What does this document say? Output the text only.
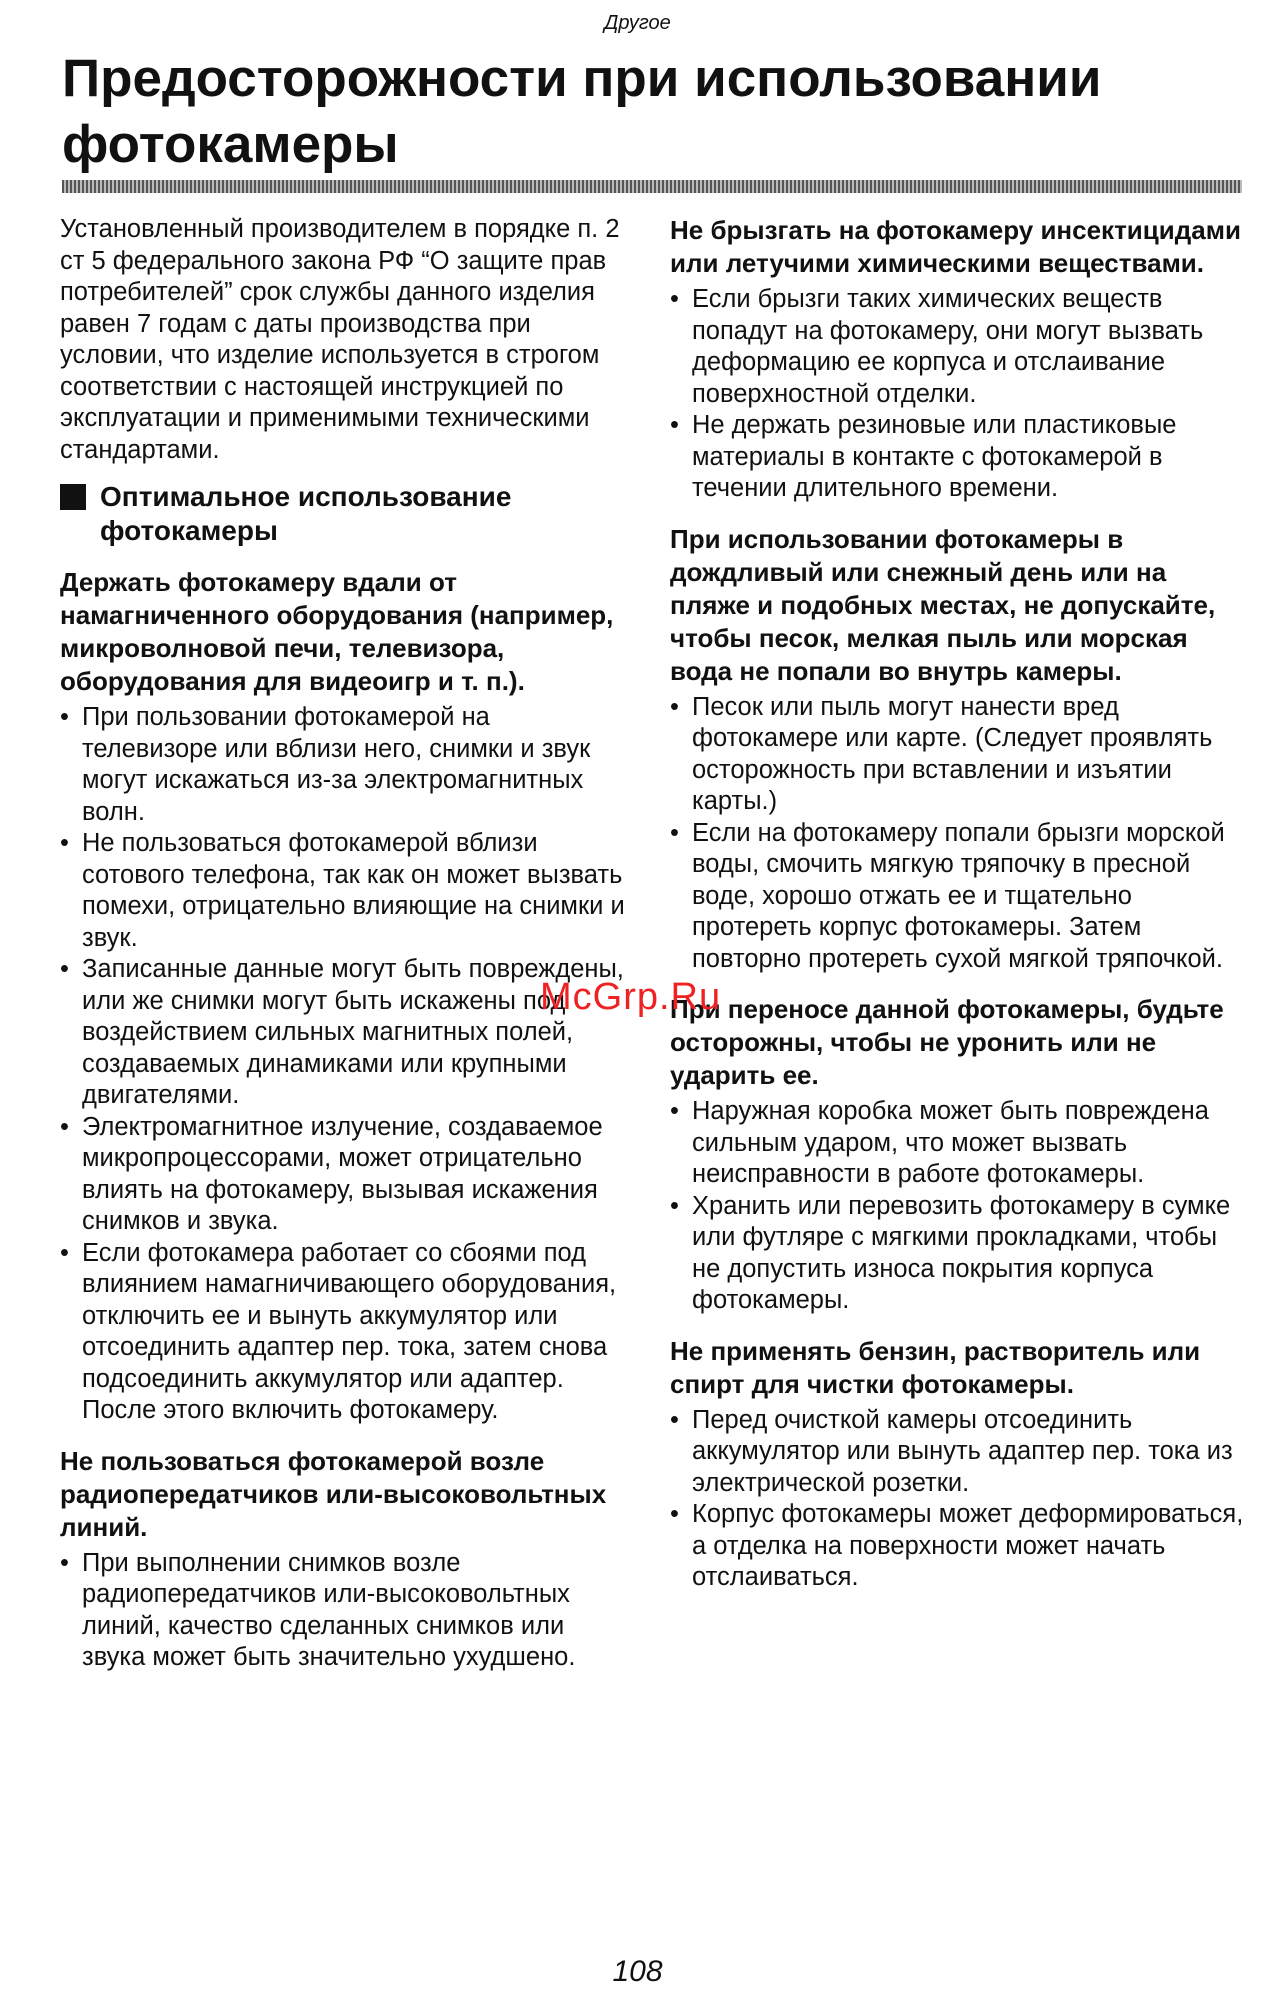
Другое
Предосторожности при использовании
фотокамеры

Установленный производителем в порядке п. 2 ст 5 федерального закона РФ “О защите прав потребителей” срок службы данного изделия равен 7 годам с даты производства при условии, что изделие используется в строгом соответствии с настоящей инструкцией по эксплуатации и применимыми техническими стандартами.

Оптимальное использование фотокамеры

Держать фотокамеру вдали от намагниченного оборудования (например, микроволновой печи, телевизора, оборудования для видеоигр и т. п.).

• При пользовании фотокамерой на телевизоре или вблизи него, снимки и звук могут искажаться из-за электромагнитных волн.
• Не пользоваться фотокамерой вблизи сотового телефона, так как он может вызвать помехи, отрицательно влияющие на снимки и звук.
• Записанные данные могут быть повреждены, или же снимки могут быть искажены под воздействием сильных магнитных полей, создаваемых динамиками или крупными двигателями.
• Электромагнитное излучение, создаваемое микропроцессорами, может отрицательно влиять на фотокамеру, вызывая искажения снимков и звука.
• Если фотокамера работает со сбоями под влиянием намагничивающего оборудования, отключить ее и вынуть аккумулятор или отсоединить адаптер пер. тока, затем снова подсоединить аккумулятор или адаптер. После этого включить фотокамеру.

Не пользоваться фотокамерой возле радиопередатчиков или-высоковольтных линий.

• При выполнении снимков возле радиопередатчиков или-высоковольтных линий, качество сделанных снимков или звука может быть значительно ухудшено.

Не брызгать на фотокамеру инсектицидами или летучими химическими веществами.

• Если брызги таких химических веществ попадут на фотокамеру, они могут вызвать деформацию ее корпуса и отслаивание поверхностной отделки.
• Не держать резиновые или пластиковые материалы в контакте с фотокамерой в течении длительного времени.

При использовании фотокамеры в дождливый или снежный день или на пляже и подобных местах, не допускайте, чтобы песок, мелкая пыль или морская вода не попали во внутрь камеры.

• Песок или пыль могут нанести вред фотокамере или карте. (Следует проявлять осторожность при вставлении и изъятии карты.)
• Если на фотокамеру попали брызги морской воды, смочить мягкую тряпочку в пресной воде, хорошо отжать ее и тщательно протереть корпус фотокамеры. Затем повторно протереть сухой мягкой тряпочкой.

При переносе данной фотокамеры, будьте осторожны, чтобы не уронить или не ударить ее.

• Наружная коробка может быть повреждена сильным ударом, что может вызвать неисправности в работе фотокамеры.
• Хранить или перевозить фотокамеру в сумке или футляре с мягкими прокладками, чтобы не допустить износа покрытия корпуса фотокамеры.

Не применять бензин, растворитель или спирт для чистки фотокамеры.

• Перед очисткой камеры отсоединить аккумулятор или вынуть адаптер пер. тока из электрической розетки.
• Корпус фотокамеры может деформироваться, а отделка на поверхности может начать отслаиваться.
McGrp.Ru
108
